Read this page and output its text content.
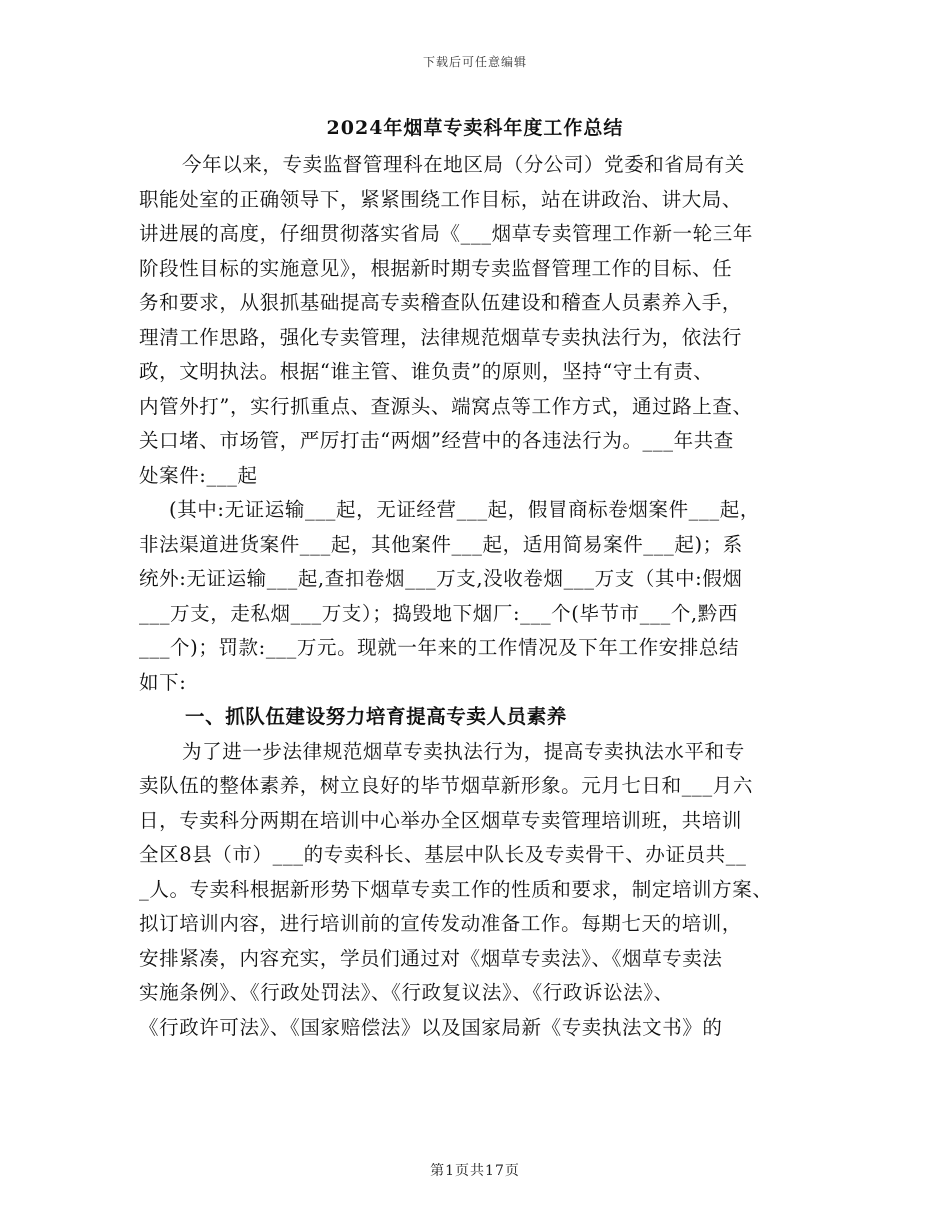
下载后可任意编辑
2024年烟草专卖科年度工作总结
今年以来，专卖监督管理科在地区局（分公司）党委和省局有关
职能处室的正确领导下，紧紧围绕工作目标，站在讲政治、讲大局、
讲进展的高度，仔细贯彻落实省局《___烟草专卖管理工作新一轮三年
阶段性目标的实施意见》，根据新时期专卖监督管理工作的目标、任
务和要求，从狠抓基础提高专卖稽查队伍建设和稽查人员素养入手，
理清工作思路，强化专卖管理，法律规范烟草专卖执法行为，依法行
政，文明执法。根据“谁主管、谁负责”的原则，坚持“守土有责、
内管外打”，实行抓重点、查源头、端窝点等工作方式，通过路上查、
关口堵、市场管，严厉打击“两烟”经营中的各违法行为。___年共查
处案件:___起
(其中:无证运输___起，无证经营___起，假冒商标卷烟案件___起，
非法渠道进货案件___起，其他案件___起，适用简易案件___起)；系
统外:无证运输___起,查扣卷烟___万支,没收卷烟___万支（其中:假烟
___万支，走私烟___万支）；捣毁地下烟厂:___个(毕节市___个,黔西
___个)；罚款:___万元。现就一年来的工作情况及下年工作安排总结
如下:
一、抓队伍建设努力培育提高专卖人员素养
为了进一步法律规范烟草专卖执法行为，提高专卖执法水平和专
卖队伍的整体素养，树立良好的毕节烟草新形象。元月七日和___月六
日，专卖科分两期在培训中心举办全区烟草专卖管理培训班，共培训
全区8县（市）___的专卖科长、基层中队长及专卖骨干、办证员共__
_人。专卖科根据新形势下烟草专卖工作的性质和要求，制定培训方案、
拟订培训内容，进行培训前的宣传发动准备工作。每期七天的培训，
安排紧凑，内容充实，学员们通过对《烟草专卖法》、《烟草专卖法
实施条例》、《行政处罚法》、《行政复议法》、《行政诉讼法》、
《行政许可法》、《国家赔偿法》以及国家局新《专卖执法文书》的
第1页共17页
